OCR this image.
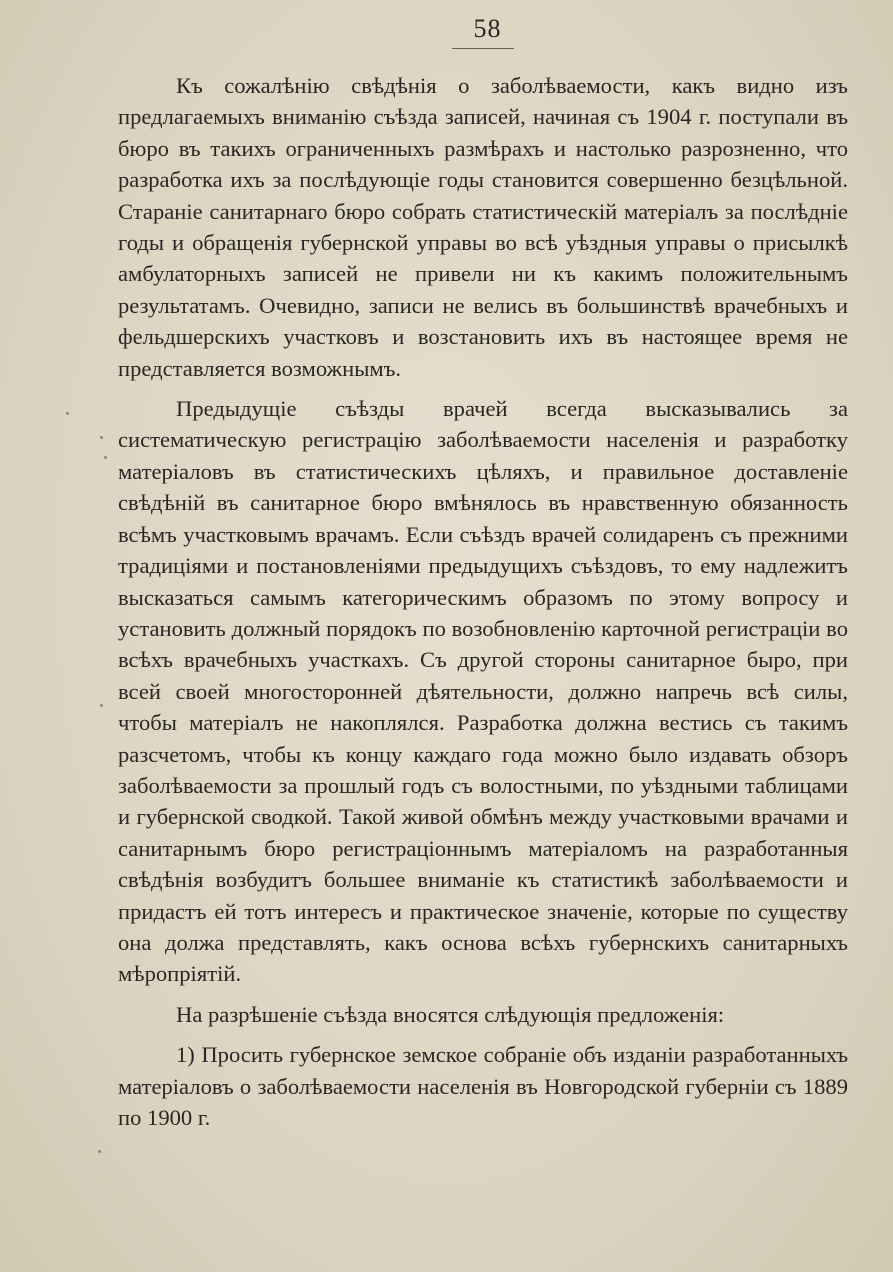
58

Къ сожалѣнію свѣдѣнія о заболѣваемости, какъ видно изъ предлагаемыхъ вниманію съѣзда записей, начиная съ 1904 г. поступали въ бюро въ такихъ ограниченныхъ размѣрахъ и настолько разрозненно, что разработка ихъ за послѣдующіе годы становится совершенно безцѣльной. Стараніе санитарнаго бюро собрать статистическій матеріалъ за послѣдніе годы и обращенія губернской управы во всѣ уѣздныя управы о присылкѣ амбулаторныхъ записей не привели ни къ какимъ положительнымъ результатамъ. Очевидно, записи не велись въ большинствѣ врачебныхъ и фельдшерскихъ участковъ и возстановить ихъ въ настоящее время не представляется возможнымъ.

Предыдущіе съѣзды врачей всегда высказывались за систематическую регистрацію заболѣваемости населенія и разработку матеріаловъ въ статистическихъ цѣляхъ, и правильное доставленіе свѣдѣній въ санитарное бюро вмѣнялось въ нравственную обязанность всѣмъ участковымъ врачамъ. Если съѣздъ врачей солидаренъ съ прежними традиціями и постановленіями предыдущихъ съѣздовъ, то ему надлежитъ высказаться самымъ категорическимъ образомъ по этому вопросу и установить должный порядокъ по возобновленію карточной регистраціи во всѣхъ врачебныхъ участкахъ. Съ другой стороны санитарное быро, при всей своей многосторонней дѣятельности, должно напречь всѣ силы, чтобы матеріалъ не накоплялся. Разработка должна вестись съ такимъ разсчетомъ, чтобы къ концу каждаго года можно было издавать обзоръ заболѣваемости за прошлый годъ съ волостными, по уѣздными таблицами и губернской сводкой. Такой живой обмѣнъ между участковыми врачами и санитарнымъ бюро регистраціоннымъ матеріаломъ на разработанныя свѣдѣнія возбудитъ большее вниманіе къ статистикѣ заболѣваемости и придастъ ей тотъ интересъ и практическое значеніе, которые по существу она должа представлять, какъ основа всѣхъ губернскихъ санитарныхъ мѣропріятій.

На разрѣшеніе съѣзда вносятся слѣдующія предложенія:

1) Просить губернское земское собраніе объ изданіи разработанныхъ матеріаловъ о заболѣваемости населенія въ Новгородской губерніи съ 1889 по 1900 г.
